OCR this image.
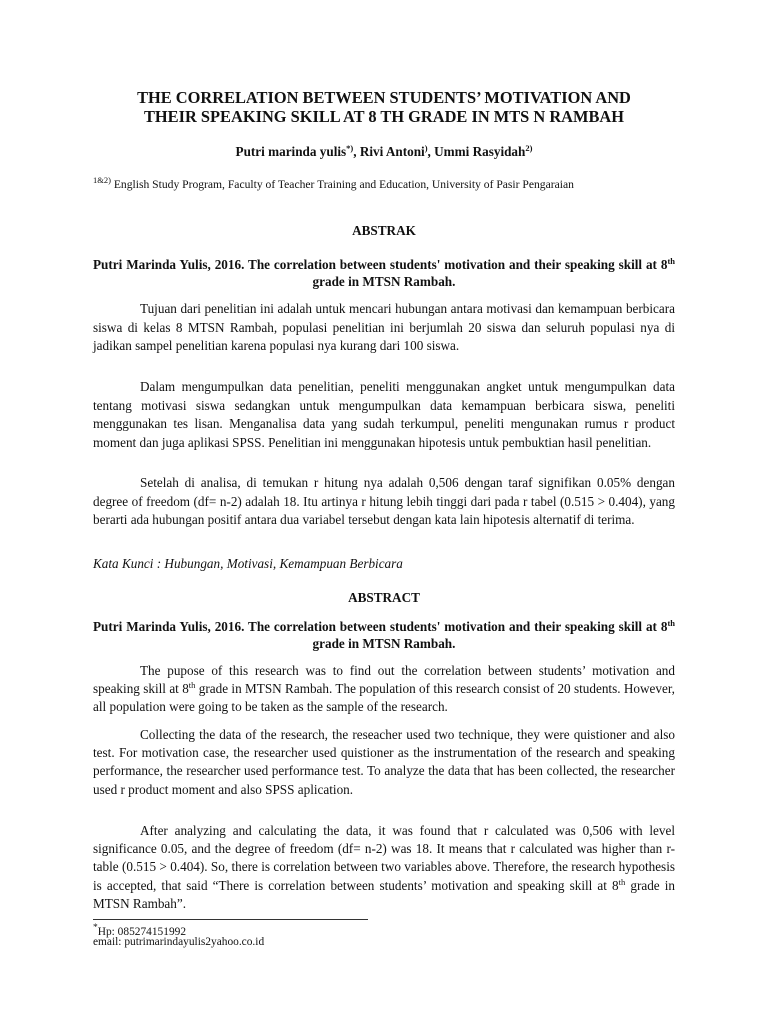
THE CORRELATION BETWEEN STUDENTS’ MOTIVATION AND
THEIR SPEAKING SKILL AT 8 TH GRADE IN MTS N RAMBAH

Putri marinda yulis*), Rivi Antoni), Ummi Rasyidah$^{2)}$

$^{1\&2)}$ English Study Program, Faculty of Teacher Training and Education, University of Pasir Pengaraian

ABSTRAK

Putri Marinda Yulis, 2016. The correlation between students' motivation and their speaking skill at 8th grade in MTSN Rambah.

Tujuan dari penelitian ini adalah untuk mencari hubungan antara motivasi dan kemampuan berbicara siswa di kelas 8 MTSN Rambah, populasi penelitian ini berjumlah 20 siswa dan seluruh populasi nya di jadikan sampel penelitian karena populasi nya kurang dari 100 siswa.

Dalam mengumpulkan data penelitian, peneliti menggunakan angket untuk mengumpulkan data tentang motivasi siswa sedangkan untuk mengumpulkan data kemampuan berbicara siswa, peneliti menggunakan tes lisan. Menganalisa data yang sudah terkumpul, peneliti mengunakan rumus r product moment dan juga aplikasi SPSS. Penelitian ini menggunakan hipotesis untuk pembuktian hasil penelitian.

Setelah di analisa, di temukan r hitung nya adalah 0,506 dengan taraf signifikan 0.05% dengan degree of freedom (df= n-2) adalah 18. Itu artinya r hitung lebih tinggi dari pada r tabel (0.515 > 0.404), yang berarti ada hubungan positif antara dua variabel tersebut dengan kata lain hipotesis alternatif di terima.

Kata Kunci : Hubungan, Motivasi, Kemampuan Berbicara

ABSTRACT

Putri Marinda Yulis, 2016. The correlation between students' motivation and their speaking skill at 8th grade in MTSN Rambah.

The pupose of this research was to find out the correlation between students’ motivation and speaking skill at 8th grade in MTSN Rambah. The population of this research consist of 20 students. However, all population were going to be taken as the sample of the research.

Collecting the data of the research, the reseacher used two technique, they were quistioner and also test. For motivation case, the researcher used quistioner as the instrumentation of the research and speaking performance, the researcher used performance test. To analyze the data that has been collected, the researcher used r product moment and also SPSS aplication.

After analyzing and calculating the data, it was found that r calculated was 0,506 with level significance 0.05, and the degree of freedom (df= n-2) was 18. It means that r calculated was higher than r-table (0.515 > 0.404). So, there is correlation between two variables above. Therefore, the research hypothesis is accepted, that said “There is correlation between students’ motivation and speaking skill at 8th grade in MTSN Rambah”.

*Hp: 085274151992

email: putrimarindayulis2yahoo.co.id
